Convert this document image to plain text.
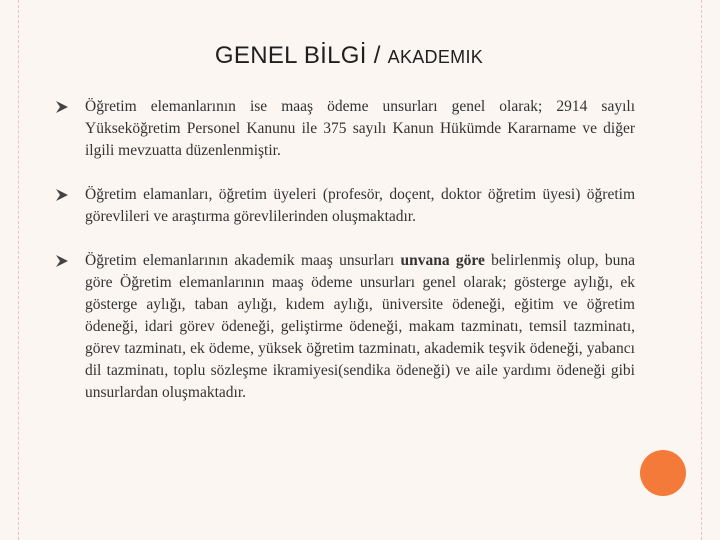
GENEL BİLGİ / AKADEMIK
Öğretim elemanlarının ise maaş ödeme unsurları genel olarak; 2914 sayılı Yükseköğretim Personel Kanunu ile 375 sayılı Kanun Hükümde Kararname ve diğer ilgili mevzuatta düzenlenmiştir.
Öğretim elamanları, öğretim üyeleri (profesör, doçent, doktor öğretim üyesi) öğretim görevlileri ve araştırma görevlilerinden oluşmaktadır.
Öğretim elemanlarının akademik maaş unsurları unvana göre belirlenmiş olup, buna göre Öğretim elemanlarının maaş ödeme unsurları genel olarak; gösterge aylığı, ek gösterge aylığı, taban aylığı, kıdem aylığı, üniversite ödeneği, eğitim ve öğretim ödeneği, idari görev ödeneği, geliştirme ödeneği, makam tazminatı, temsil tazminatı, görev tazminatı, ek ödeme, yüksek öğretim tazminatı, akademik teşvik ödeneği, yabancı dil tazminatı, toplu sözleşme ikramiyesi(sendika ödeneği) ve aile yardımı ödeneği gibi unsurlardan oluşmaktadır.
